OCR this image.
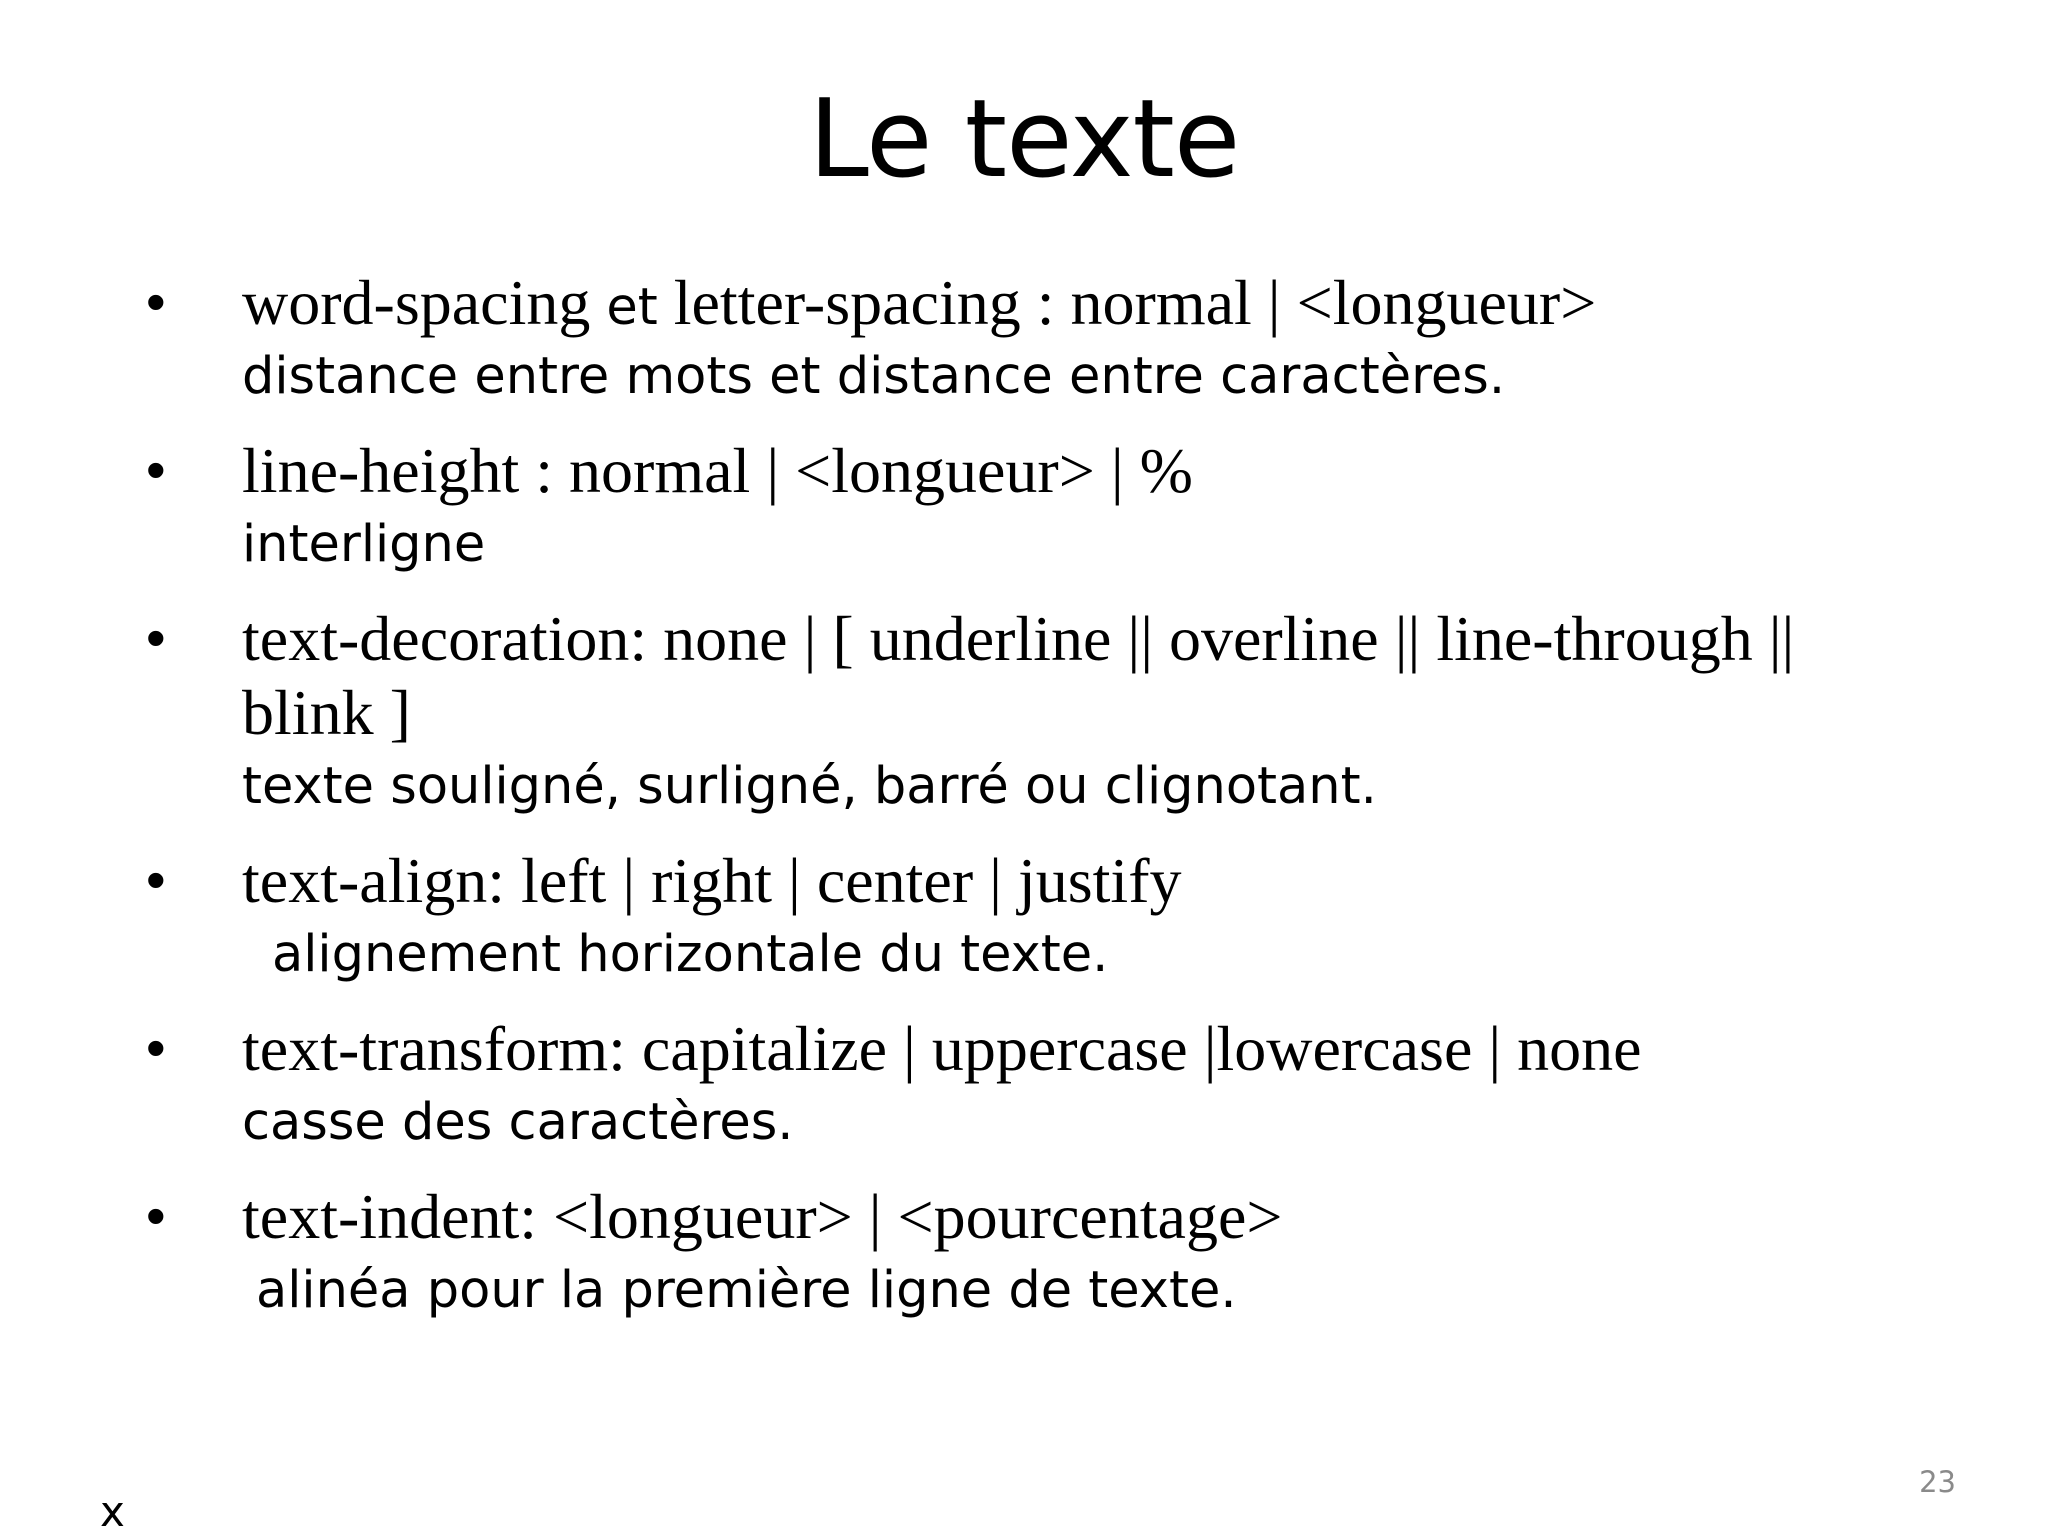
Le texte
• word-spacing et letter-spacing : normal | <longueur>
distance entre mots et distance entre caractères.
• line-height : normal | <longueur> | %
interligne
• text-decoration: none | [ underline || overline || line-through ||
blink ]
texte souligné, surligné, barré ou clignotant.
• text-align: left | right | center | justify
alignement horizontale du texte.
• text-transform: capitalize | uppercase |lowercase | none
casse des caractères.
• text-indent: <longueur> | <pourcentage>
alinéa pour la première ligne de texte.
23
x
